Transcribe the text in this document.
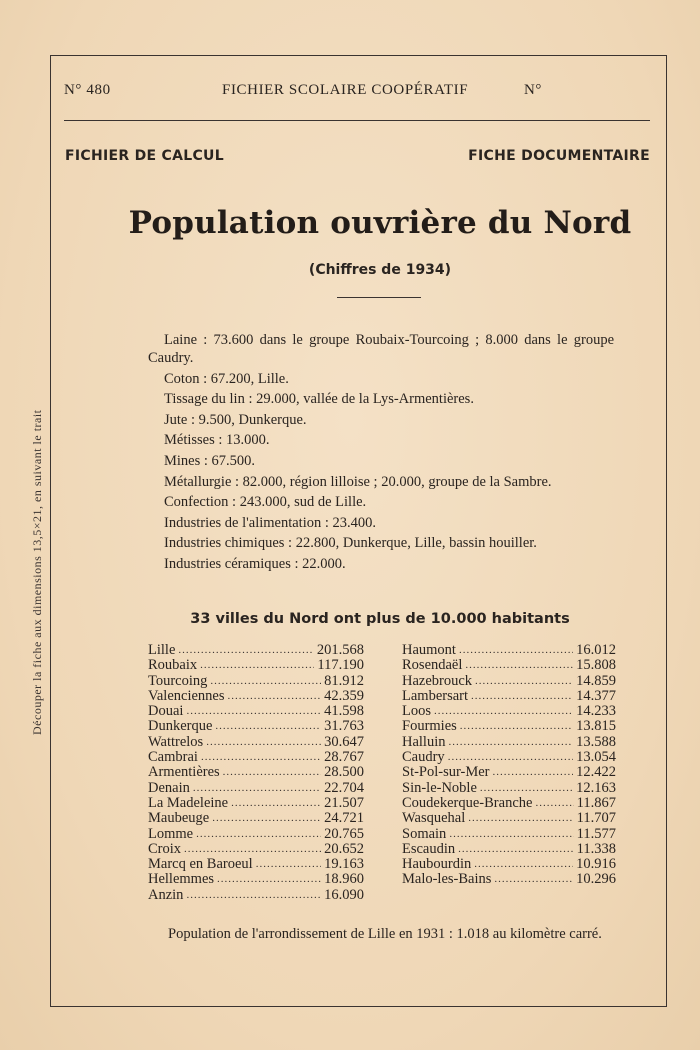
Découper la fiche aux dimensions 13,5×21, en suivant le trait
N° 480	FICHIER SCOLAIRE COOPÉRATIF	N°
FICHIER DE CALCUL	FICHE DOCUMENTAIRE
Population ouvrière du Nord
(Chiffres de 1934)

Laine : 73.600 dans le groupe Roubaix-Tourcoing ; 8.000 dans le groupe Caudry.

Coton : 67.200, Lille.

Tissage du lin : 29.000, vallée de la Lys-Armentières.

Jute : 9.500, Dunkerque.

Métisses : 13.000.

Mines : 67.500.

Métallurgie : 82.000, région lilloise ; 20.000, groupe de la Sambre.

Confection : 243.000, sud de Lille.

Industries de l'alimentation : 23.400.

Industries chimiques : 22.800, Dunkerque, Lille, bassin houiller.

Industries céramiques : 22.000.

33 villes du Nord ont plus de 10.000 habitants
Lille .....	201.568
Roubaix .....	117.190
Tourcoing .....	81.912
Valenciennes .....	42.359
Douai .....	41.598
Dunkerque .....	31.763
Wattrelos .....	30.647
Cambrai .....	28.767
Armentières .....	28.500
Denain .....	22.704
La Madeleine .....	21.507
Maubeuge .....	24.721
Lomme .....	20.765
Croix .....	20.652
Marcq en Baroeul .....	19.163
Hellemmes .....	18.960
Anzin .....	16.090
Haumont .....	16.012
Rosendaël .....	15.808
Hazebrouck .....	14.859
Lambersart .....	14.377
Loos .....	14.233
Fourmies .....	13.815
Halluin .....	13.588
Caudry .....	13.054
St-Pol-sur-Mer .....	12.422
Sin-le-Noble .....	12.163
Coudekerque-Branche .....	11.867
Wasquehal .....	11.707
Somain .....	11.577
Escaudin .....	11.338
Haubourdin .....	10.916
Malo-les-Bains .....	10.296
Population de l'arrondissement de Lille en 1931 : 1.018 au kilomètre carré.
